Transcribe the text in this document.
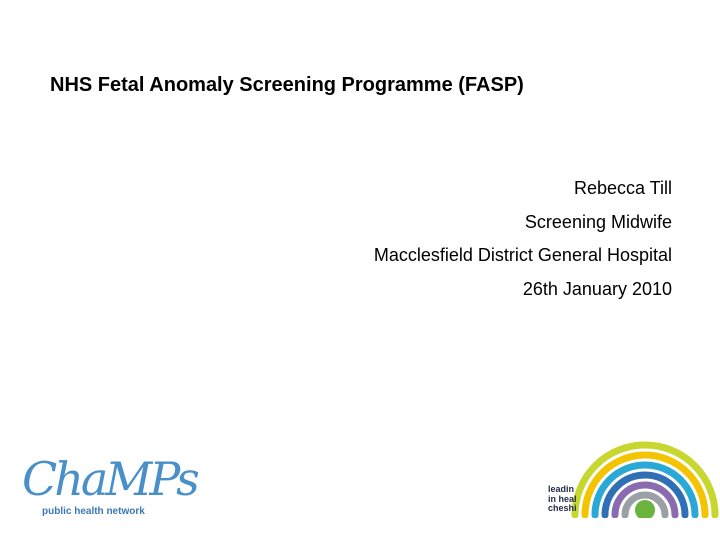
NHS Fetal Anomaly Screening Programme (FASP)
Rebecca Till
Screening Midwife
Macclesfield District General Hospital
26th January 2010
ChaMPs
public health network
leadin
in heal
cheshi
